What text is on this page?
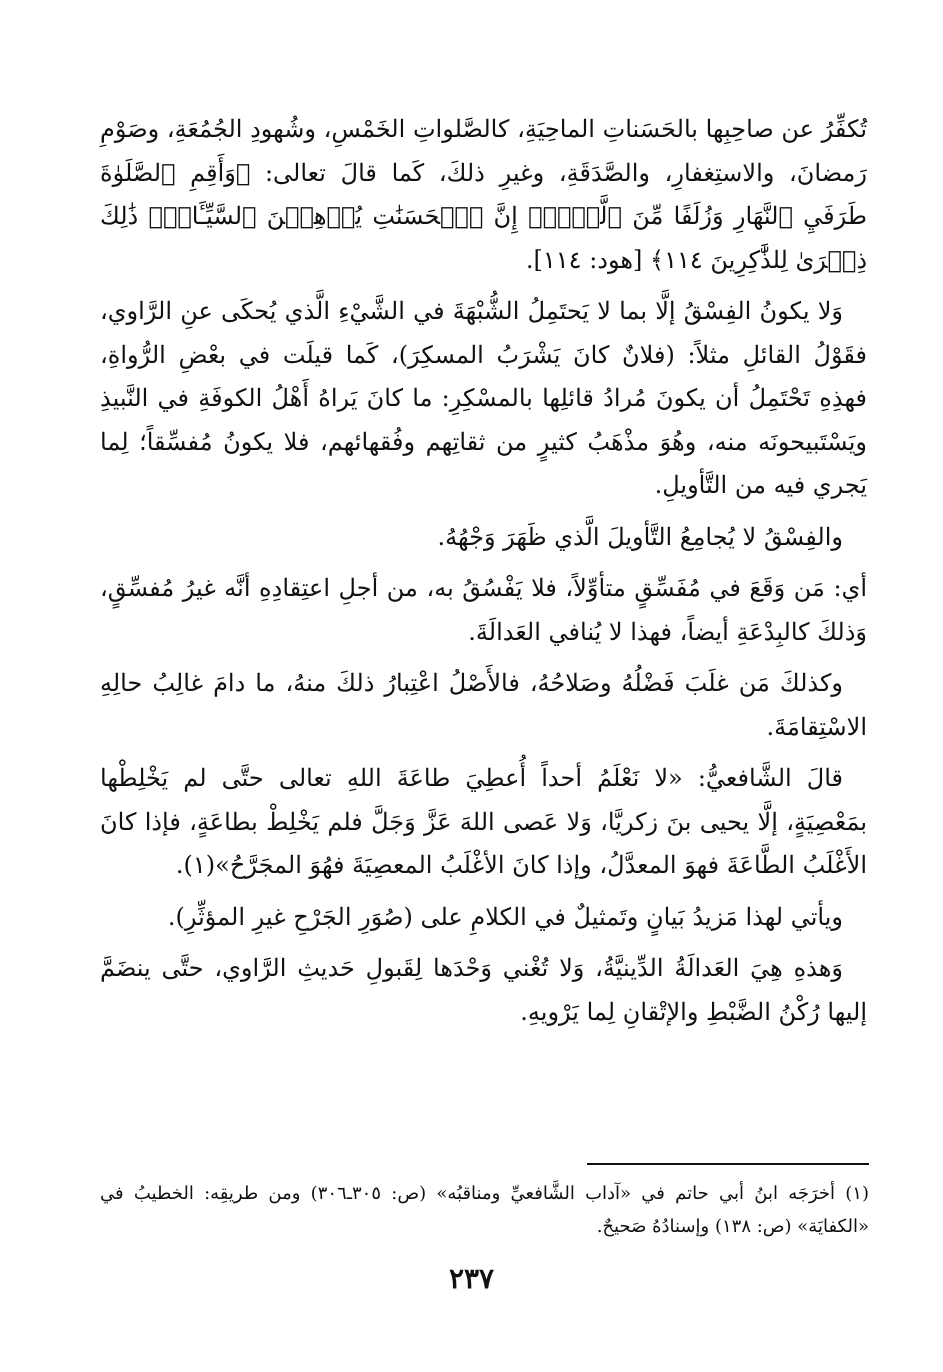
تُكفِّرُ عن صاحِبِها بالحَسَناتِ الماحِيَةِ، كالصَّلواتِ الخَمْسِ، وشُهودِ الجُمُعَةِ، وصَوْمِ رَمضانَ، والاستِغفارِ، والصَّدَقَةِ، وغيرِ ذلكَ، كَما قالَ تعالى: ﴿وَأَقِمِ ٱلصَّلَوٰةَ طَرَفَيِ ٱلنَّهَارِ وَزُلَفًا مِّنَ ٱلَّيۡلِۚ إِنَّ ٱلۡحَسَنَٰتِ يُذۡهِبۡنَ ٱلسَّيِّـَٔاتِۚ ذَٰلِكَ ذِكۡرَىٰ لِلذَّٰكِرِينَ ١١٤﴾ [هود: ١١٤].

وَلا يكونُ الفِسْقُ إلَّا بما لا يَحتَمِلُ الشُّبْهَةَ في الشَّيْءِ الَّذي يُحكَى عنِ الرَّاوي، فقَوْلُ القائلِ مثلاً: (فلانٌ كانَ يَشْرَبُ المسكِرَ)، كَما قيلَت في بعْضِ الرُّواةِ، فهذِهِ تَحْتَمِلُ أن يكونَ مُرادُ قائلِها بالمسْكِرِ: ما كانَ يَراهُ أَهْلُ الكوفَةِ في النَّبيذِ ويَسْتَبيحونَه منه، وهُوَ مذْهَبُ كثيرٍ من ثقاتِهم وفُقهائهم، فلا يكونُ مُفسِّقاً؛ لِما يَجري فيه من التَّأويلِ.

والفِسْقُ لا يُجامِعُ التَّأويلَ الَّذي ظَهَرَ وَجْهُهُ.

أي: مَن وَقَعَ في مُفَسِّقٍ متأوِّلاً، فلا يَفْسُقُ به، من أجلِ اعتِقادِهِ أنَّه غيرُ مُفسِّقٍ، وَذلكَ كالبِدْعَةِ أيضاً، فهذا لا يُنافي العَدالَةَ.

وكذلكَ مَن غلَبَ فَضْلُهُ وصَلاحُهُ، فالأَصْلُ اعْتِبارُ ذلكَ منهُ، ما دامَ غالِبُ حالِهِ الاسْتِقامَةَ.

قالَ الشَّافعيُّ: «لا نَعْلَمُ أحداً أُعطِيَ طاعَةَ اللهِ تعالى حتَّى لم يَخْلِطْها بمَعْصِيَةٍ، إلَّا يحيى بنَ زكريَّا، وَلا عَصى اللهَ عَزَّ وَجَلَّ فلم يَخْلِطْ بطاعَةٍ، فإذا كانَ الأَغْلَبُ الطَّاعَةَ فهوَ المعدَّلُ، وإذا كانَ الأغْلَبُ المعصِيَةَ فهُوَ المجَرَّحُ»(١).

ويأتي لهذا مَزيدُ بَيانٍ وتَمثيلٌ في الكلامِ على (صُوَرِ الجَرْحِ غيرِ المؤثِّرِ).

وَهذهِ هِيَ العَدالَةُ الدِّينيَّةُ، وَلا تُغْني وَحْدَها لِقَبولِ حَديثِ الرَّاوي، حتَّى ينضَمَّ إليها رُكْنُ الضَّبْطِ والإتْقانِ لِما يَرْويهِ.

(١) أخرَجَه ابنُ أبي حاتم في «آداب الشَّافعيِّ ومناقبُه» (ص: ٣٠٥ـ٣٠٦) ومن طريقِه: الخطيبُ في «الكفايَة» (ص: ١٣٨) وإسنادُهُ صَحيحٌ.
٢٣٧
